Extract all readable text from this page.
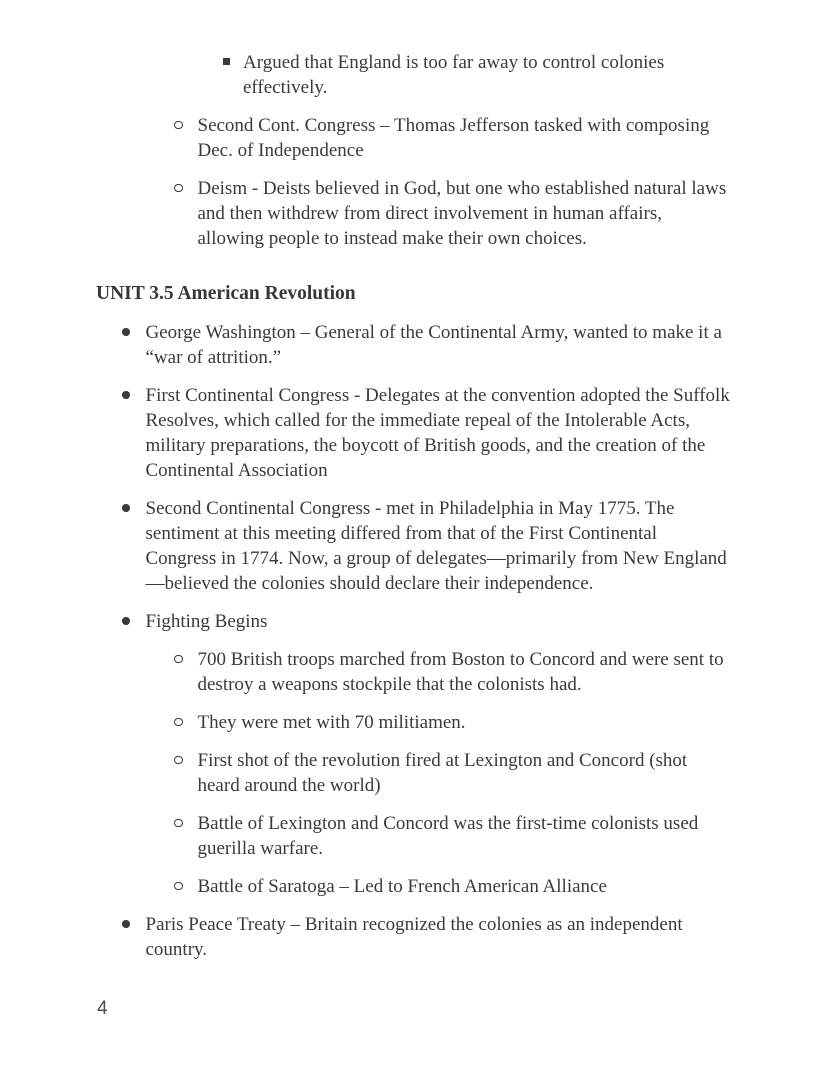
Argued that England is too far away to control colonies effectively.

Second Cont. Congress – Thomas Jefferson tasked with composing Dec. of Independence

Deism - Deists believed in God, but one who established natural laws and then withdrew from direct involvement in human affairs, allowing people to instead make their own choices.

UNIT 3.5 American Revolution

George Washington – General of the Continental Army, wanted to make it a “war of attrition.”

First Continental Congress - Delegates at the convention adopted the Suffolk Resolves, which called for the immediate repeal of the Intolerable Acts, military preparations, the boycott of British goods, and the creation of the Continental Association

Second Continental Congress - met in Philadelphia in May 1775. The sentiment at this meeting differed from that of the First Continental Congress in 1774. Now, a group of delegates—primarily from New England—believed the colonies should declare their independence.

Fighting Begins

700 British troops marched from Boston to Concord and were sent to destroy a weapons stockpile that the colonists had.

They were met with 70 militiamen.

First shot of the revolution fired at Lexington and Concord (shot heard around the world)

Battle of Lexington and Concord was the first-time colonists used guerilla warfare.

Battle of Saratoga – Led to French American Alliance

Paris Peace Treaty – Britain recognized the colonies as an independent country.

4
